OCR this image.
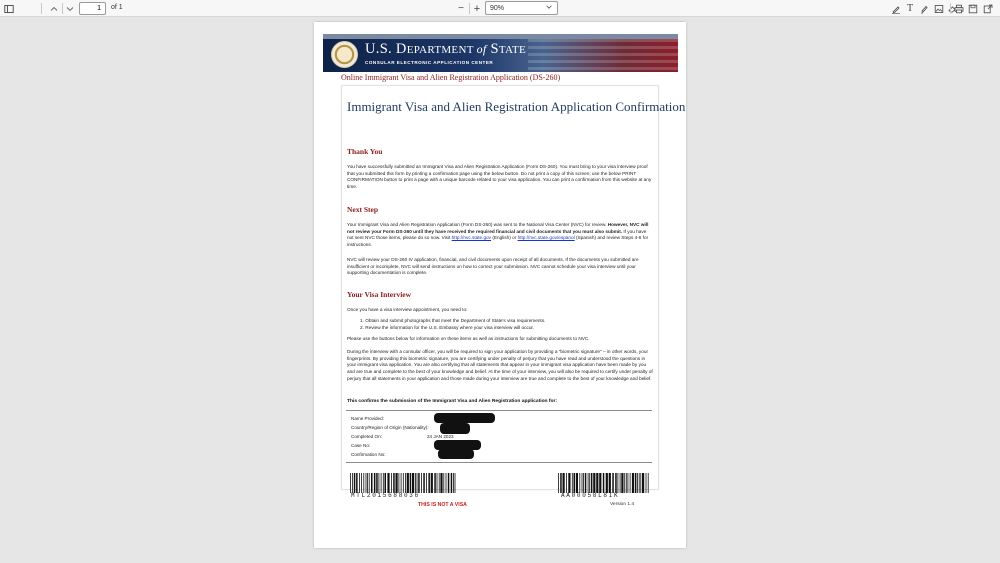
1
of 1	− +	90%	T
U.S. DEPARTMENT of STATE
CONSULAR ELECTRONIC APPLICATION CENTER
Online Immigrant Visa and Alien Registration Application (DS-260)
Immigrant Visa and Alien Registration Application Confirmation
Thank You
You have successfully submitted an Immigrant Visa and Alien Registration Application (Form DS-260). You must bring to your visa interview proof that you submitted this form by printing a confirmation page using the below button. Do not print a copy of this screen; use the below PRINT CONFIRMATION button to print a page with a unique barcode related to your visa application. You can print a confirmation from this website at any time.
Next Step
Your Immigrant Visa and Alien Registration Application (Form DS-260) was sent to the National Visa Center (NVC) for review. However, NVC will not review your Form DS-260 until they have received the required financial and civil documents that you must also submit. If you have not sent NVC those items, please do so now. Visit http://nvc.state.gov (English) or http://nvc.state.gov/espanol (Spanish) and review Steps 4-6 for instructions.
NVC will review your DS-260 IV application, financial, and civil documents upon receipt of all documents. If the documents you submitted are insufficient or incomplete, NVC will send instructions on how to correct your submission. NVC cannot schedule your visa interview until your supporting documentation is complete.
Your Visa Interview
Once you have a visa interview appointment, you need to:
1. Obtain and submit photographs that meet the Department of State's visa requirements.
2. Review the information for the U.S. Embassy where your visa interview will occur.
Please use the buttons below for information on these items as well as instructions for submitting documents to NVC.
During the interview with a consular officer, you will be required to sign your application by providing a "biometric signature" – in other words, your fingerprints. By providing this biometric signature, you are certifying under penalty of perjury that you have read and understood the questions in your immigrant visa application. You are also certifying that all statements that appear in your immigrant visa application have been made by you and are true and complete to the best of your knowledge and belief. At the time of your interview, you will also be required to certify under penalty of perjury that all statements in your application and those made during your interview are true and complete to the best of your knowledge and belief.
This confirms the submission of the Immigrant Visa and Alien Registration application for:
Name Provided:
Country/Region of Origin (Nationality):
Completed On:	24 JAN 2023
Case No:
Confirmation No:
MTL2015688036	AA00058L8IK
THIS IS NOT A VISA	Version 1.4
